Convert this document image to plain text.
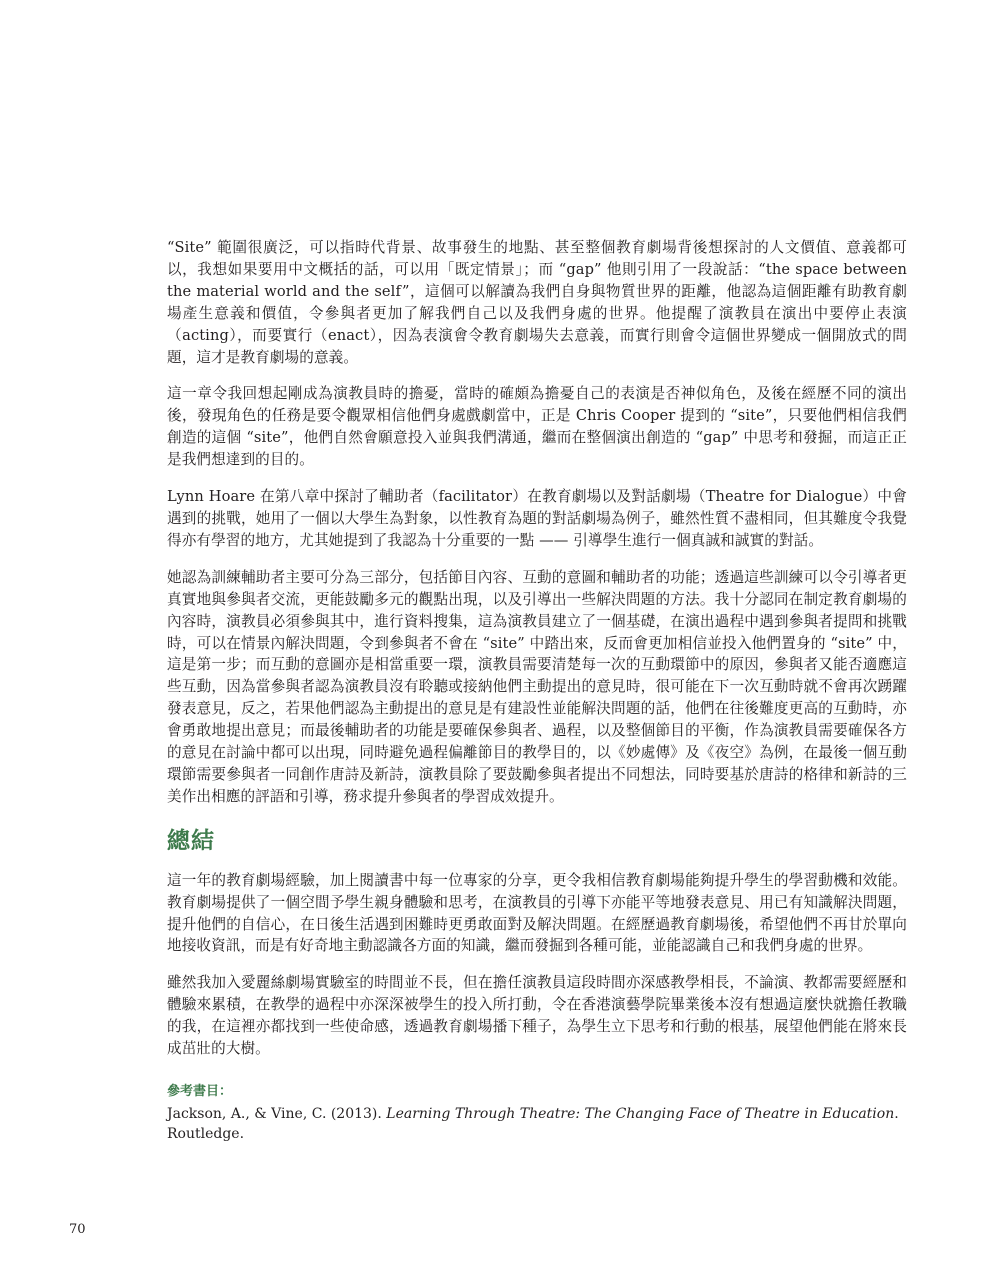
“Site” 範圍很廣泛，可以指時代背景、故事發生的地點、甚至整個教育劇場背後想探討的人文價值、意義都可以，我想如果要用中文概括的話，可以用「既定情景」；而 “gap” 他則引用了一段說話：“the space between the material world and the self”，這個可以解讀為我們自身與物質世界的距離，他認為這個距離有助教育劇場產生意義和價值，令參與者更加了解我們自己以及我們身處的世界。他提醒了演教員在演出中要停止表演（acting），而要實行（enact），因為表演會令教育劇場失去意義，而實行則會令這個世界變成一個開放式的問題，這才是教育劇場的意義。

這一章令我回想起剛成為演教員時的擔憂，當時的確頗為擔憂自己的表演是否神似角色，及後在經歷不同的演出後，發現角色的任務是要令觀眾相信他們身處戲劇當中，正是 Chris Cooper 提到的 “site”，只要他們相信我們創造的這個 “site”，他們自然會願意投入並與我們溝通，繼而在整個演出創造的 “gap” 中思考和發掘，而這正正是我們想達到的目的。

Lynn Hoare 在第八章中探討了輔助者（facilitator）在教育劇場以及對話劇場（Theatre for Dialogue）中會遇到的挑戰，她用了一個以大學生為對象，以性教育為題的對話劇場為例子，雖然性質不盡相同，但其難度令我覺得亦有學習的地方，尤其她提到了我認為十分重要的一點 —— 引導學生進行一個真誠和誠實的對話。

她認為訓練輔助者主要可分為三部分，包括節目內容、互動的意圖和輔助者的功能；透過這些訓練可以令引導者更真實地與參與者交流，更能鼓勵多元的觀點出現，以及引導出一些解決問題的方法。我十分認同在制定教育劇場的內容時，演教員必須參與其中，進行資料搜集，這為演教員建立了一個基礎，在演出過程中遇到參與者提問和挑戰時，可以在情景內解決問題，令到參與者不會在 “site” 中踏出來，反而會更加相信並投入他們置身的 “site” 中，這是第一步；而互動的意圖亦是相當重要一環，演教員需要清楚每一次的互動環節中的原因，參與者又能否適應這些互動，因為當參與者認為演教員沒有聆聽或接納他們主動提出的意見時，很可能在下一次互動時就不會再次踴躍發表意見，反之，若果他們認為主動提出的意見是有建設性並能解決問題的話，他們在往後難度更高的互動時，亦會勇敢地提出意見；而最後輔助者的功能是要確保參與者、過程，以及整個節目的平衡，作為演教員需要確保各方的意見在討論中都可以出現，同時避免過程偏離節目的教學目的，以《妙處傳》及《夜空》為例，在最後一個互動環節需要參與者一同創作唐詩及新詩，演教員除了要鼓勵參與者提出不同想法，同時要基於唐詩的格律和新詩的三美作出相應的評語和引導，務求提升參與者的學習成效提升。

總結

這一年的教育劇場經驗，加上閱讀書中每一位專家的分享，更令我相信教育劇場能夠提升學生的學習動機和效能。教育劇場提供了一個空間予學生親身體驗和思考，在演教員的引導下亦能平等地發表意見、用已有知識解決問題，提升他們的自信心，在日後生活遇到困難時更勇敢面對及解決問題。在經歷過教育劇場後，希望他們不再甘於單向地接收資訊，而是有好奇地主動認識各方面的知識，繼而發掘到各種可能，並能認識自己和我們身處的世界。

雖然我加入愛麗絲劇場實驗室的時間並不長，但在擔任演教員這段時間亦深感教學相長，不論演、教都需要經歷和體驗來累積，在教學的過程中亦深深被學生的投入所打動，令在香港演藝學院畢業後本沒有想過這麼快就擔任教職的我，在這裡亦都找到一些使命感，透過教育劇場播下種子，為學生立下思考和行動的根基，展望他們能在將來長成茁壯的大樹。

參考書目：

Jackson, A., & Vine, C. (2013). Learning Through Theatre: The Changing Face of Theatre in Education. Routledge.

70
